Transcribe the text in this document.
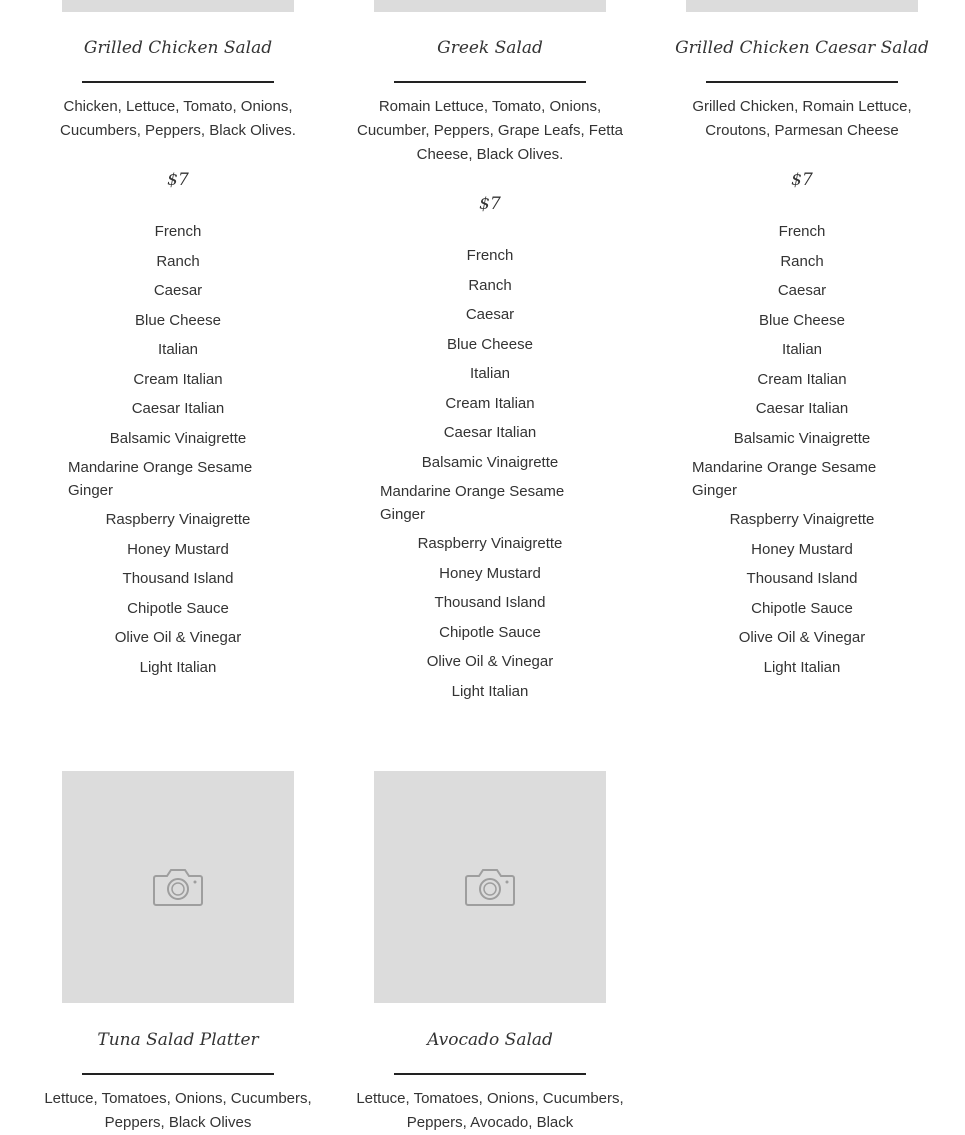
Grilled Chicken Salad
Chicken, Lettuce, Tomato, Onions, Cucumbers, Peppers, Black Olives.
$7
French
Ranch
Caesar
Blue Cheese
Italian
Cream Italian
Caesar Italian
Balsamic Vinaigrette
Mandarine Orange Sesame Ginger
Raspberry Vinaigrette
Honey Mustard
Thousand Island
Chipotle Sauce
Olive Oil & Vinegar
Light Italian
Greek Salad
Romain Lettuce, Tomato, Onions, Cucumber, Peppers, Grape Leafs, Fetta Cheese, Black Olives.
$7
French
Ranch
Caesar
Blue Cheese
Italian
Cream Italian
Caesar Italian
Balsamic Vinaigrette
Mandarine Orange Sesame Ginger
Raspberry Vinaigrette
Honey Mustard
Thousand Island
Chipotle Sauce
Olive Oil & Vinegar
Light Italian
Grilled Chicken Caesar Salad
Grilled Chicken, Romain Lettuce, Croutons, Parmesan Cheese
$7
French
Ranch
Caesar
Blue Cheese
Italian
Cream Italian
Caesar Italian
Balsamic Vinaigrette
Mandarine Orange Sesame Ginger
Raspberry Vinaigrette
Honey Mustard
Thousand Island
Chipotle Sauce
Olive Oil & Vinegar
Light Italian
Tuna Salad Platter
Lettuce, Tomatoes, Onions, Cucumbers, Peppers, Black Olives
Avocado Salad
Lettuce, Tomatoes, Onions, Cucumbers, Peppers, Avocado, Black
